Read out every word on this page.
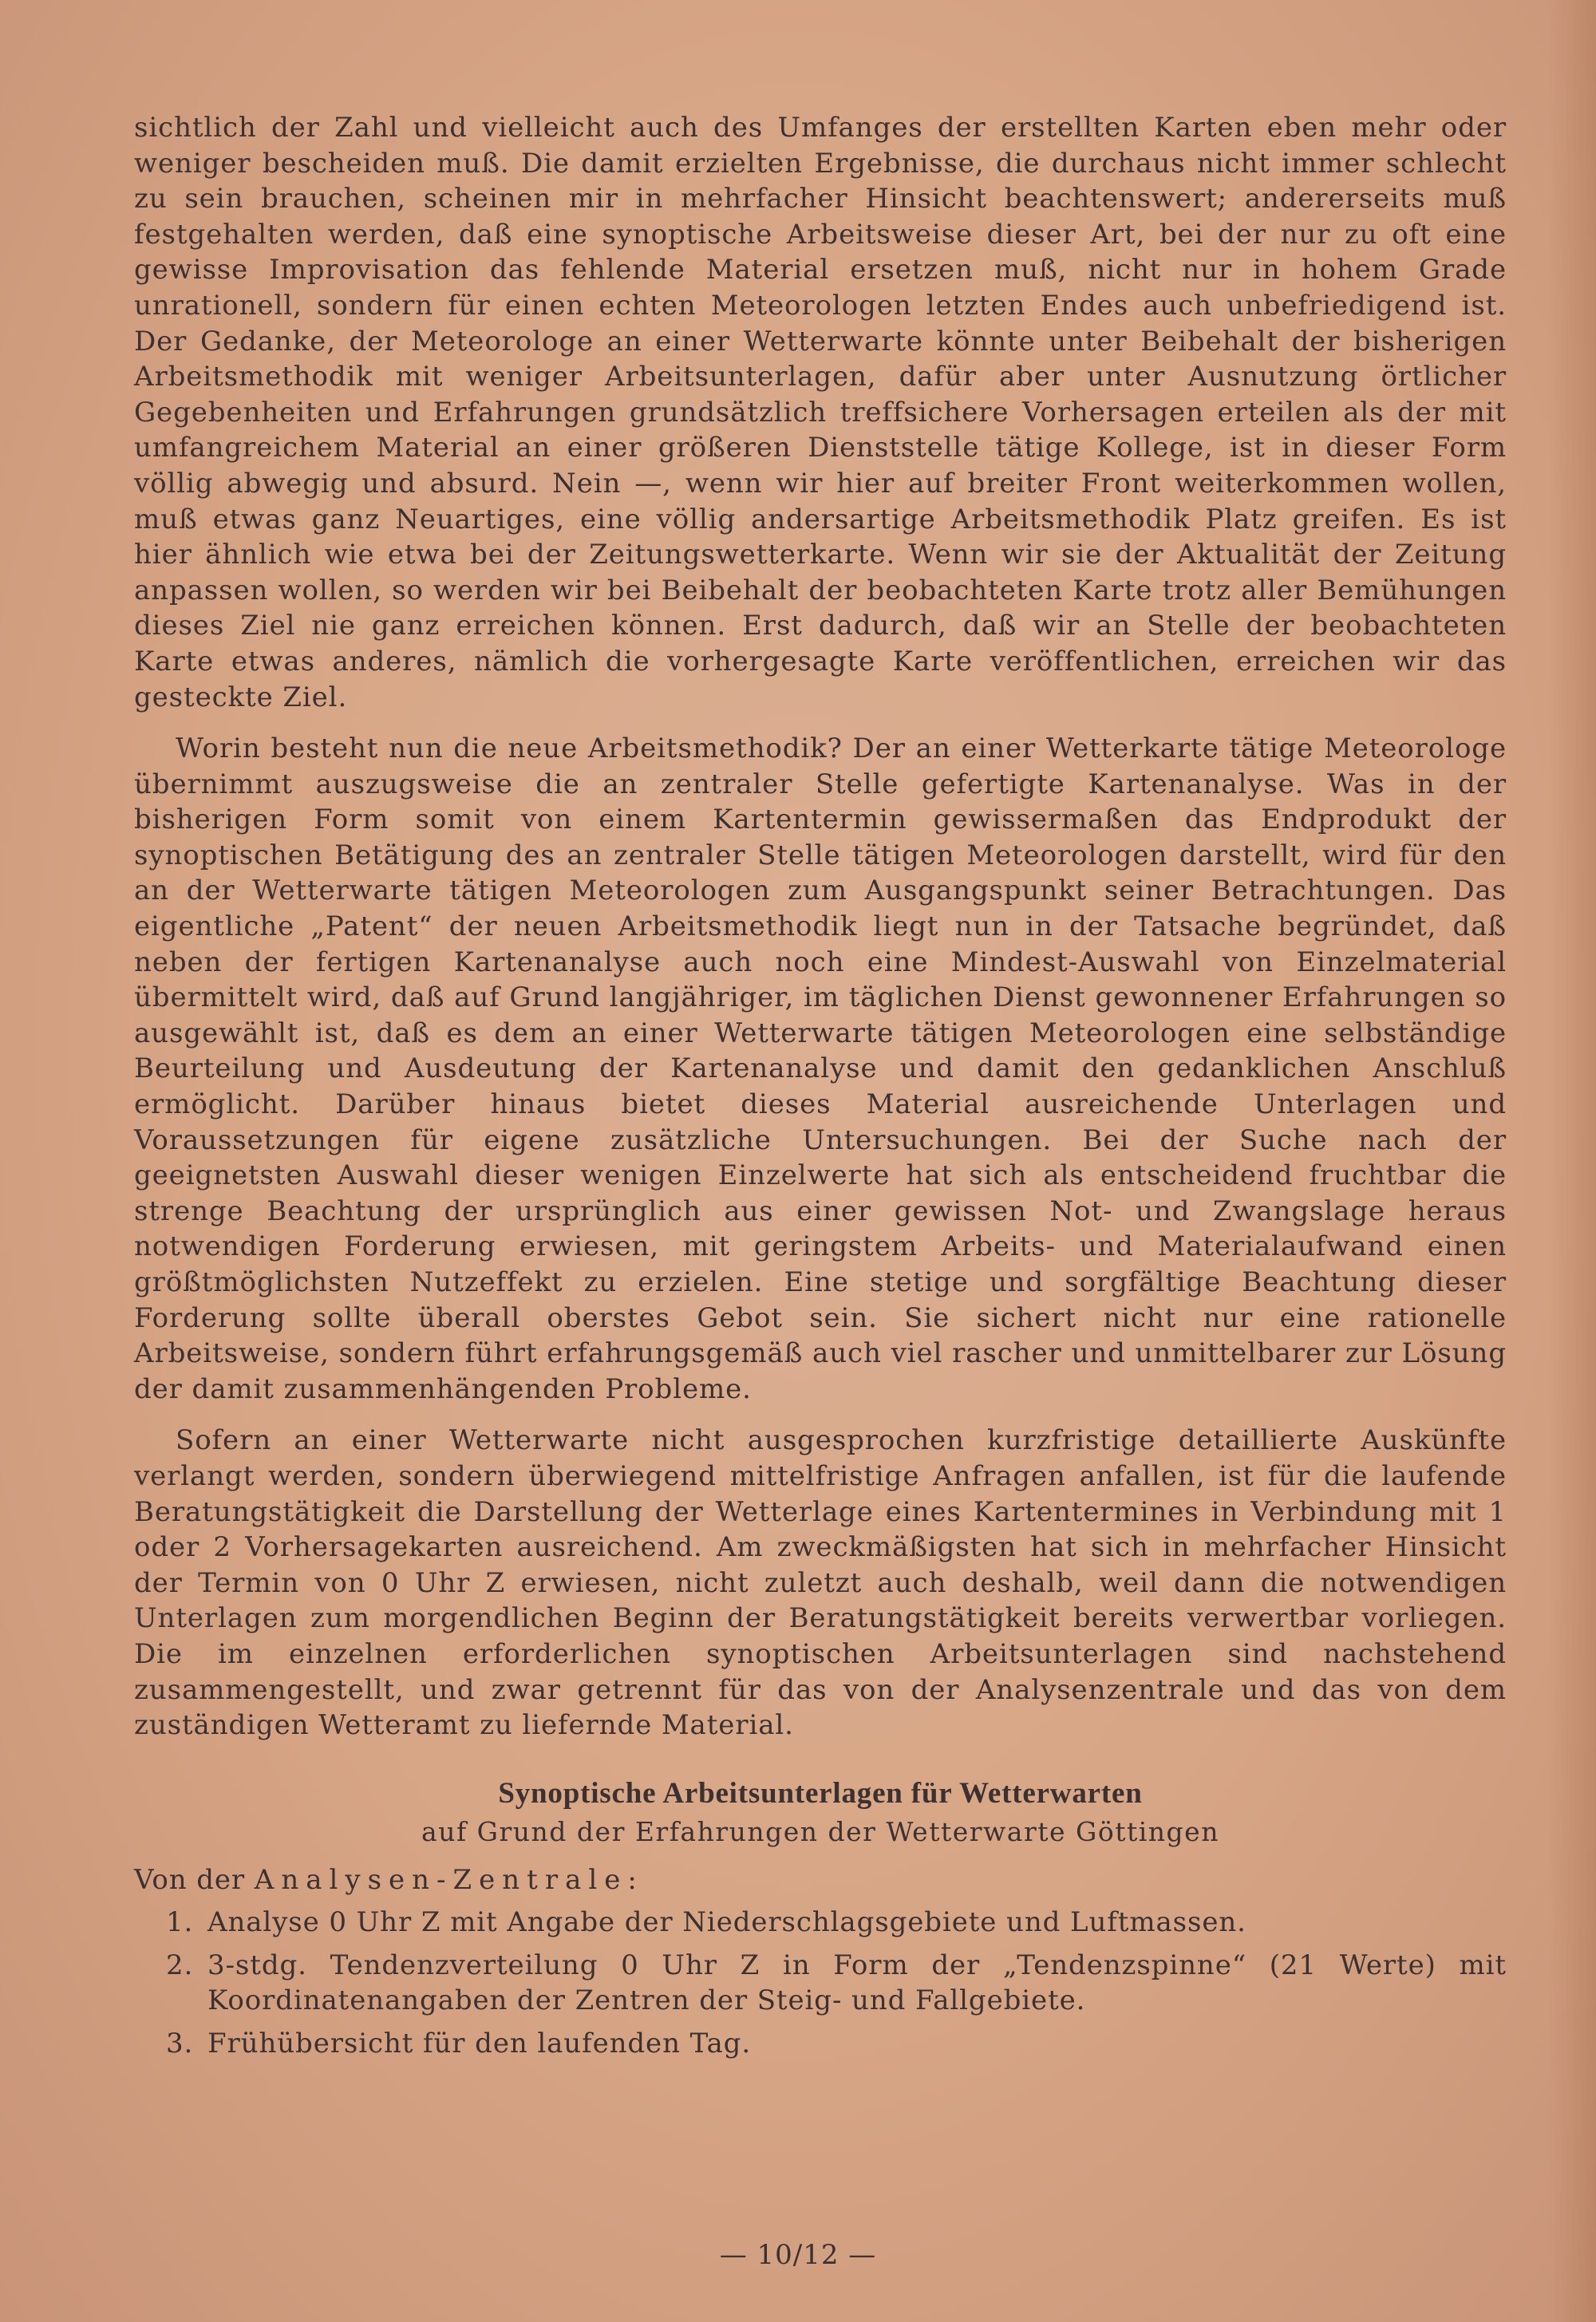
sichtlich der Zahl und vielleicht auch des Umfanges der erstellten Karten eben mehr oder weniger bescheiden muß. Die damit erzielten Ergebnisse, die durchaus nicht immer schlecht zu sein brauchen, scheinen mir in mehrfacher Hinsicht beachtenswert; andererseits muß festgehalten werden, daß eine synoptische Arbeitsweise dieser Art, bei der nur zu oft eine gewisse Improvisation das fehlende Material ersetzen muß, nicht nur in hohem Grade unrationell, sondern für einen echten Meteorologen letzten Endes auch unbefriedigend ist. Der Gedanke, der Meteorologe an einer Wetterwarte könnte unter Beibehalt der bisherigen Arbeitsmethodik mit weniger Arbeitsunterlagen, dafür aber unter Ausnutzung örtlicher Gegebenheiten und Erfahrungen grundsätzlich treffsichere Vorhersagen erteilen als der mit umfangreichem Material an einer größeren Dienststelle tätige Kollege, ist in dieser Form völlig abwegig und absurd. Nein —, wenn wir hier auf breiter Front weiterkommen wollen, muß etwas ganz Neuartiges, eine völlig andersartige Arbeitsmethodik Platz greifen. Es ist hier ähnlich wie etwa bei der Zeitungswetterkarte. Wenn wir sie der Aktualität der Zeitung anpassen wollen, so werden wir bei Beibehalt der beobachteten Karte trotz aller Bemühungen dieses Ziel nie ganz erreichen können. Erst dadurch, daß wir an Stelle der beobachteten Karte etwas anderes, nämlich die vorhergesagte Karte veröffentlichen, erreichen wir das gesteckte Ziel.

Worin besteht nun die neue Arbeitsmethodik? Der an einer Wetterkarte tätige Meteorologe übernimmt auszugsweise die an zentraler Stelle gefertigte Kartenanalyse. Was in der bisherigen Form somit von einem Kartentermin gewissermaßen das Endprodukt der synoptischen Betätigung des an zentraler Stelle tätigen Meteorologen darstellt, wird für den an der Wetterwarte tätigen Meteorologen zum Ausgangspunkt seiner Betrachtungen. Das eigentliche „Patent“ der neuen Arbeitsmethodik liegt nun in der Tatsache begründet, daß neben der fertigen Kartenanalyse auch noch eine Mindest-Auswahl von Einzelmaterial übermittelt wird, daß auf Grund langjähriger, im täglichen Dienst gewonnener Erfahrungen so ausgewählt ist, daß es dem an einer Wetterwarte tätigen Meteorologen eine selbständige Beurteilung und Ausdeutung der Kartenanalyse und damit den gedanklichen Anschluß ermöglicht. Darüber hinaus bietet dieses Material ausreichende Unterlagen und Voraussetzungen für eigene zusätzliche Untersuchungen. Bei der Suche nach der geeignetsten Auswahl dieser wenigen Einzelwerte hat sich als entscheidend fruchtbar die strenge Beachtung der ursprünglich aus einer gewissen Not- und Zwangslage heraus notwendigen Forderung erwiesen, mit geringstem Arbeits- und Materialaufwand einen größtmöglichsten Nutzeffekt zu erzielen. Eine stetige und sorgfältige Beachtung dieser Forderung sollte überall oberstes Gebot sein. Sie sichert nicht nur eine rationelle Arbeitsweise, sondern führt erfahrungsgemäß auch viel rascher und unmittelbarer zur Lösung der damit zusammenhängenden Probleme.

Sofern an einer Wetterwarte nicht ausgesprochen kurzfristige detaillierte Auskünfte verlangt werden, sondern überwiegend mittelfristige Anfragen anfallen, ist für die laufende Beratungstätigkeit die Darstellung der Wetterlage eines Kartentermines in Verbindung mit 1 oder 2 Vorhersagekarten ausreichend. Am zweckmäßigsten hat sich in mehrfacher Hinsicht der Termin von 0 Uhr Z erwiesen, nicht zuletzt auch deshalb, weil dann die notwendigen Unterlagen zum morgendlichen Beginn der Beratungstätigkeit bereits verwertbar vorliegen. Die im einzelnen erforderlichen synoptischen Arbeitsunterlagen sind nachstehend zusammengestellt, und zwar getrennt für das von der Analysenzentrale und das von dem zuständigen Wetteramt zu liefernde Material.

Synoptische Arbeitsunterlagen für Wetterwarten
auf Grund der Erfahrungen der Wetterwarte Göttingen
Von der Analysen-Zentrale:
1. Analyse 0 Uhr Z mit Angabe der Niederschlagsgebiete und Luftmassen.
2. 3-stdg. Tendenzverteilung 0 Uhr Z in Form der „Tendenzspinne“ (21 Werte) mit Koordinatenangaben der Zentren der Steig- und Fallgebiete.
3. Frühübersicht für den laufenden Tag.
— 10/12 —
